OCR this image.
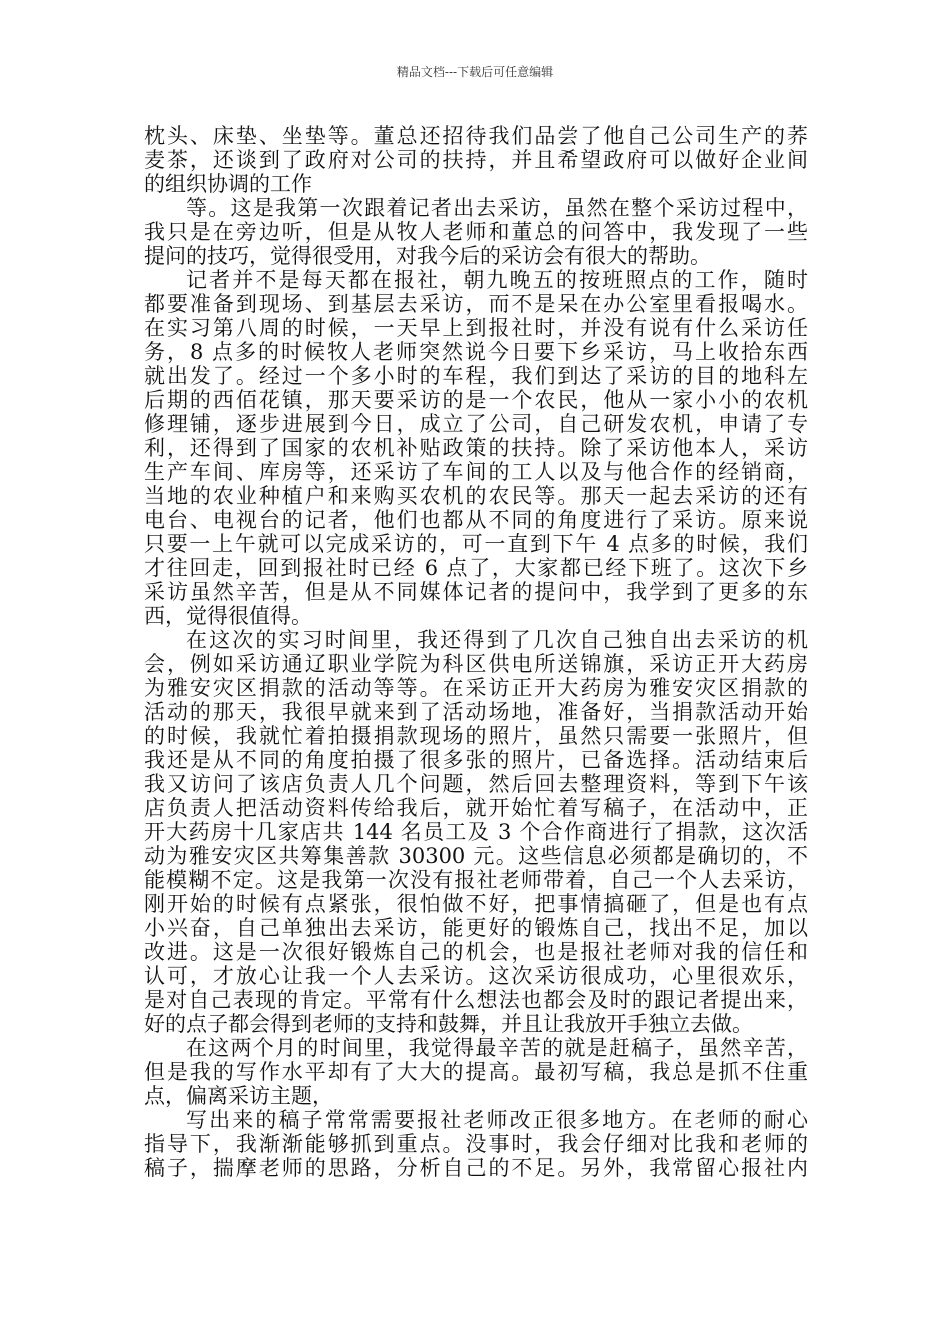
精品文档---下载后可任意编辑
枕头、床垫、坐垫等。董总还招待我们品尝了他自己公司生产的荞
麦茶，还谈到了政府对公司的扶持，并且希望政府可以做好企业间
的组织协调的工作
等。这是我第一次跟着记者出去采访，虽然在整个采访过程中，
我只是在旁边听，但是从牧人老师和董总的问答中，我发现了一些
提问的技巧，觉得很受用，对我今后的采访会有很大的帮助。
记者并不是每天都在报社，朝九晚五的按班照点的工作，随时
都要准备到现场、到基层去采访，而不是呆在办公室里看报喝水。
在实习第八周的时候，一天早上到报社时，并没有说有什么采访任
务，8 点多的时候牧人老师突然说今日要下乡采访，马上收拾东西
就出发了。经过一个多小时的车程，我们到达了采访的目的地科左
后期的西佰花镇，那天要采访的是一个农民，他从一家小小的农机
修理铺，逐步进展到今日，成立了公司，自己研发农机，申请了专
利，还得到了国家的农机补贴政策的扶持。除了采访他本人，采访
生产车间、库房等，还采访了车间的工人以及与他合作的经销商，
当地的农业种植户和来购买农机的农民等。那天一起去采访的还有
电台、电视台的记者，他们也都从不同的角度进行了采访。原来说
只要一上午就可以完成采访的，可一直到下午 4 点多的时候，我们
才往回走，回到报社时已经 6 点了，大家都已经下班了。这次下乡
采访虽然辛苦，但是从不同媒体记者的提问中，我学到了更多的东
西，觉得很值得。
在这次的实习时间里，我还得到了几次自己独自出去采访的机
会，例如采访通辽职业学院为科区供电所送锦旗，采访正开大药房
为雅安灾区捐款的活动等等。在采访正开大药房为雅安灾区捐款的
活动的那天，我很早就来到了活动场地，准备好，当捐款活动开始
的时候，我就忙着拍摄捐款现场的照片，虽然只需要一张照片，但
我还是从不同的角度拍摄了很多张的照片，已备选择。活动结束后
我又访问了该店负责人几个问题，然后回去整理资料，等到下午该
店负责人把活动资料传给我后，就开始忙着写稿子，在活动中，正
开大药房十几家店共 144 名员工及 3 个合作商进行了捐款，这次活
动为雅安灾区共筹集善款 30300 元。这些信息必须都是确切的，不
能模糊不定。这是我第一次没有报社老师带着，自己一个人去采访，
刚开始的时候有点紧张，很怕做不好，把事情搞砸了，但是也有点
小兴奋，自己单独出去采访，能更好的锻炼自己，找出不足，加以
改进。这是一次很好锻炼自己的机会，也是报社老师对我的信任和
认可，才放心让我一个人去采访。这次采访很成功，心里很欢乐，
是对自己表现的肯定。平常有什么想法也都会及时的跟记者提出来，
好的点子都会得到老师的支持和鼓舞，并且让我放开手独立去做。
在这两个月的时间里，我觉得最辛苦的就是赶稿子，虽然辛苦，
但是我的写作水平却有了大大的提高。最初写稿，我总是抓不住重
点，偏离采访主题，
写出来的稿子常常需要报社老师改正很多地方。在老师的耐心
指导下，我渐渐能够抓到重点。没事时，我会仔细对比我和老师的
稿子，揣摩老师的思路，分析自己的不足。另外，我常留心报社内
